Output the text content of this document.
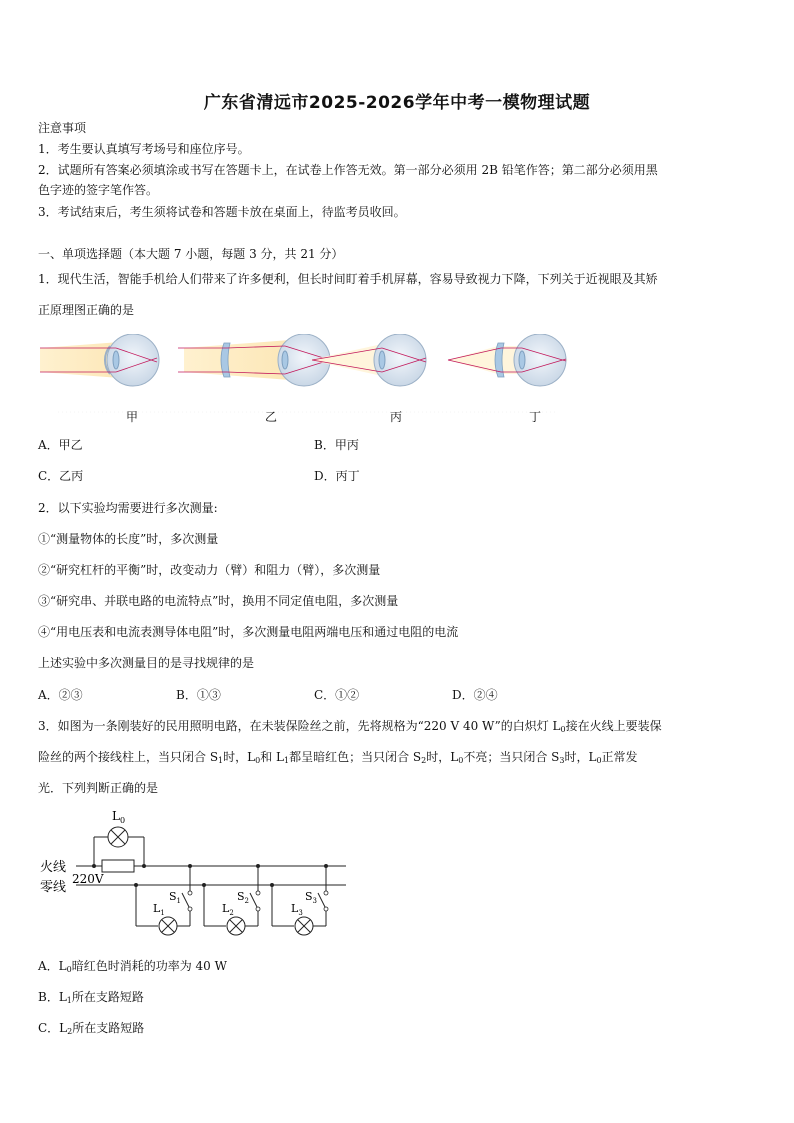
广东省清远市2025-2026学年中考一模物理试题
注意事项
1．考生要认真填写考场号和座位序号。
2．试题所有答案必须填涂或书写在答题卡上，在试卷上作答无效。第一部分必须用 2B 铅笔作答；第二部分必须用黑
色字迹的签字笔作答。
3．考试结束后，考生须将试卷和答题卡放在桌面上，待监考员收回。
一、单项选择题（本大题 7 小题，每题 3 分，共 21 分）
1．现代生活，智能手机给人们带来了许多便利，但长时间盯着手机屏幕，容易导致视力下降，下列关于近视眼及其矫
正原理图正确的是
甲	乙	丙	丁
A．甲乙	B．甲丙
C．乙丙	D．丙丁
2．以下实验均需要进行多次测量:
①“测量物体的长度”时，多次测量
②“研究杠杆的平衡”时，改变动力（臂）和阻力（臂），多次测量
③“研究串、并联电路的电流特点”时，换用不同定值电阻，多次测量
④“用电压表和电流表测导体电阻”时，多次测量电阻两端电压和通过电阻的电流
上述实验中多次测量目的是寻找规律的是
A．②③	B．①③	C．①②	D．②④
3．如图为一条刚装好的民用照明电路，在未装保险丝之前，先将规格为“220 V 40 W”的白炽灯 $L_0$接在火线上要装保
险丝的两个接线柱上，当只闭合 $S_1$时，$L_0$和 $L_1$都呈暗红色；当只闭合 $S_2$时，$L_0$不亮；当只闭合 $S_3$时，$L_0$正常发
光．下列判断正确的是
$L_0$
火线
零线
220V
$S_1$	$S_2$	$S_3$
$L_1$	$L_2$	$L_3$
A．$L_0$暗红色时消耗的功率为 40 W
B．$L_1$所在支路短路
C．$L_2$所在支路短路
